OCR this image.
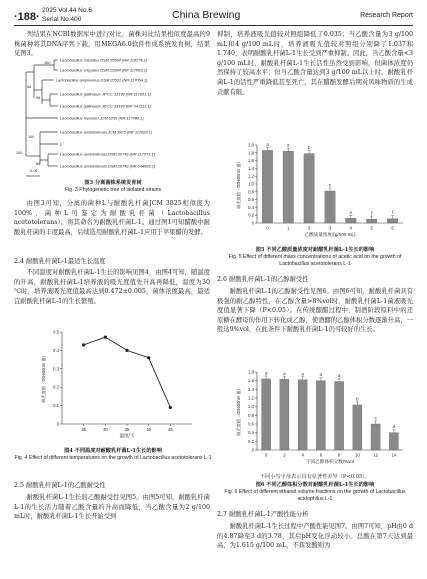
·188·
2025 Vol.44 No.6
Serial No.400	China Brewing	Research Report

列结果在NCBI数据库中进行对比，菌株对比结果相似度最高的9株菌种将其DNA序列下载，用MEGA6.0软件作成系统发育树，结果见图3。

Lactobacillus crispatus DSM 20584 (NR 119274.1)
Lactobacillus crispatus DSM 20584 (NR 117063.1)
Lactobacillus amylovorus DSM 20531 (NR 117064.1)
Lactobacillus gallinarum ATCC 33199 (NR 117061.1)
Lactobacillus gallinarum ATCC 33199 (NR 042111.1)
Lactobacillus hamsteri JCM 6256 (NR 117068.1)
Lactobacillus acetotolerans JCM 3825 (NR 112683.1)
L
Lactobacillus acetotolerans DSM 20749 (NR 117073.1)
Lactobacillus acetotolerans DSM 20749 (NR 044699.2)
100
56
96
100
100
86
0.01
图3 分离菌株系统发育树
Fig. 3 Phylogenetic tree of isolated strains

由图3可知，分离的菌种L与耐酸乳杆菌JCM 3825相似度为100%，菌种L可鉴定为耐酸乳杆菌（Lactobacillus acetotolerans），将其命名为耐酸乳杆菌L-1。通过图1可知醋酸中耐酸乳杆菌的丰度最高，后续选用耐酸乳杆菌L-1应用于苹果醋的发酵。

2.4 耐酸乳杆菌L-1最适生长温度

不同温度对耐酸乳杆菌L-1生长的影响见图4，由图4可知，随温度的升高，耐酸乳杆菌L-1培养液的吸光度值先升高再降低，温度为30 ℃时，培养液吸光度值最高达到0.472±0.005，菌体浓度最高，最适宜耐酸乳杆菌L-1的生长繁殖。

0
0.1
0.2
0.3
0.4
0.5
吸光度值（OD600nm 值）
温度/℃
25	30	35	40	45
图4 不同温度对耐酸乳杆菌L-1生长的影响
Fig. 4 Effect of different temperatures on the growth of Lactobacillus acetotolerans L-1
2.5 耐酸乳杆菌L-1的乙酸耐受性

耐酸乳杆菌L-1生长的乙酸耐受性见图5。由图5可知，耐酸乳杆菌L-1的生长活力随着乙酸含量的升高而降低，当乙酸含量为2 g/100 mL时，耐酸乳杆菌L-1生长开始受到

抑制，培养液吸光值较对照组降低了0.035；当乙酸含量为3 g/100 mL和4 g/100 mL时，培养液吸光值较对照组分别降了1.037和1.740，表明耐酸乳杆菌L-1生长受到严重抑制。因此，当乙酸含量<3 g/100 mL时，耐酸乳杆菌L-1生长活性虽然受到影响，但菌体浓度仍然保持了较高水平；但当乙酸含量达到3 g/100 mL以上时，耐酸乳杆菌L-1的活性严重降低甚至死亡，其在醋醅发酵后期对风味物质的生成贡献有限。

0
0.2
0.4
0.6
0.8
1.0
1.2
1.4
1.6
1.8
2.0
吸光度值（OD600nm 值）
乙酸质量浓度/(g/100 mL)
a
0
a
1
b
2
c
3
e
4
f
5
f
6
图5 不同乙酸质量浓度对耐酸乳杆菌L-1生长的影响
Fig. 5 Effect of different mass concentrations of acetic acid on the growth of Lactobacillus acetotolerans L-1
2.6 耐酸乳杆菌L-1的乙醇耐受性

耐酸乳杆菌L-1的乙醇耐受性见图6。由图6可知，耐酸乳杆菌具有极强的耐乙醇特性，在乙醇含量>8%vol时，耐酸乳杆菌L-1菌液吸光度值显著下降（P<0.05）。在传统酿醋过程中，制酒阶段原料中的还原糖在酵母的作用下转化成乙醇，使酒醪的乙醇体积分数逐渐升高，一般达9%vol，在此条件下耐酸乳杆菌L-1仍可较好的生长。

0
0.2
0.4
0.6
0.8
1.0
1.2
1.4
1.6
1.8
吸光度值（OD600nm 值）
不同乙醇体积分数/%vol
a
0
a
2
a
4
a
6
a
8
b
10
c
12
d
14
不同小写字母表示具有显著性差异（P<0.05）。
图6 不同乙醇体积分数对耐酸乳杆菌L-1生长的影响
Fig. 6 Effect of different ethanol volume fractions on the growth of Lactobacillus acidophilus L-1
2.7 耐酸乳杆菌L-1产酸性能分析

耐酸乳杆菌L-1生长过程中产酸性能见图7。由图7可知，pH由0 d的4.87降至3 d的3.78，其后pH变化浮动较小。总酸在第7天达到最高，为1.615 g/100 mL，不挥发酸则为
